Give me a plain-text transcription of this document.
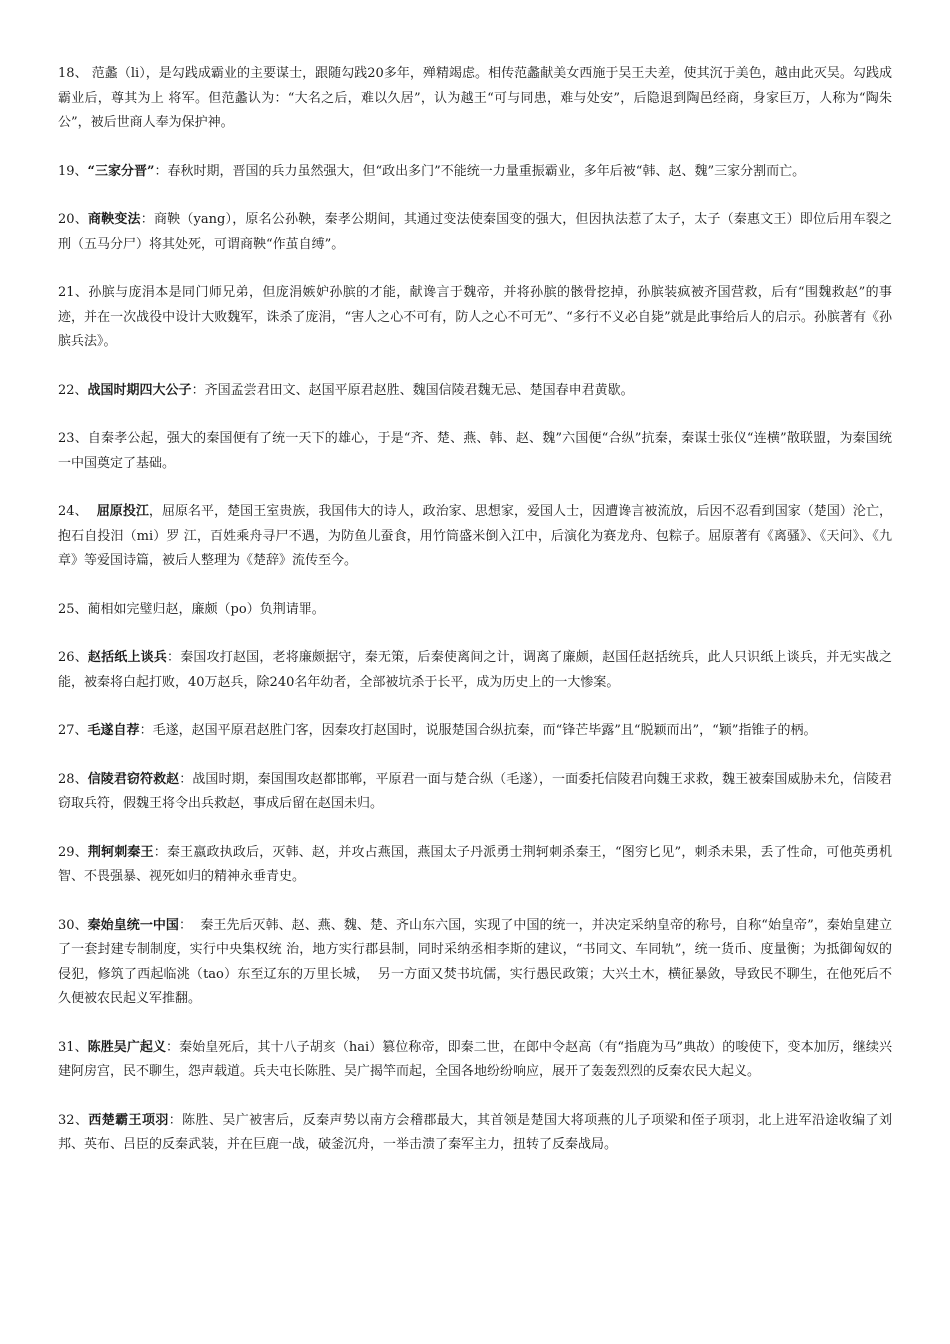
18、 范蠡（li），是勾践成霸业的主要谋士，跟随勾践20多年，殚精竭虑。相传范蠡献美女西施于吴王夫差，使其沉于美色，越由此灭吴。勾践成霸业后，尊其为上 将军。但范蠡认为：“大名之后，难以久居”，认为越王“可与同患，难与处安”，后隐退到陶邑经商，身家巨万，人称为“陶朱公”，被后世商人奉为保护神。

19、“三家分晋”：春秋时期，晋国的兵力虽然强大，但“政出多门”不能统一力量重振霸业，多年后被“韩、赵、魏”三家分割而亡。

20、商鞅变法：商鞅（yang），原名公孙鞅，秦孝公期间，其通过变法使秦国变的强大，但因执法惹了太子，太子（秦惠文王）即位后用车裂之刑（五马分尸）将其处死，可谓商鞅“作茧自缚”。

21、孙膑与庞涓本是同门师兄弟，但庞涓嫉妒孙膑的才能，献谗言于魏帝，并将孙膑的骸骨挖掉，孙膑装疯被齐国营救，后有“围魏救赵”的事迹，并在一次战役中设计大败魏军，诛杀了庞涓，“害人之心不可有，防人之心不可无”、“多行不义必自毙”就是此事给后人的启示。孙膑著有《孙膑兵法》。

22、战国时期四大公子：齐国孟尝君田文、赵国平原君赵胜、魏国信陵君魏无忌、楚国春申君黄歇。

23、自秦孝公起，强大的秦国便有了统一天下的雄心，于是“齐、楚、燕、韩、赵、魏”六国便“合纵”抗秦，秦谋士张仪“连横”散联盟，为秦国统一中国奠定了基础。

24、  屈原投江，屈原名平，楚国王室贵族，我国伟大的诗人，政治家、思想家，爱国人士，因遭谗言被流放，后因不忍看到国家（楚国）沦亡，抱石自投汨（mi）罗 江，百姓乘舟寻尸不遇，为防鱼儿蚕食，用竹筒盛米倒入江中，后演化为赛龙舟、包粽子。屈原著有《离骚》、《天问》、《九章》等爱国诗篇，被后人整理为《楚辞》流传至今。

25、蔺相如完璧归赵，廉颇（po）负荆请罪。

26、赵括纸上谈兵：秦国攻打赵国，老将廉颇据守，秦无策，后秦使离间之计，调离了廉颇，赵国任赵括统兵，此人只识纸上谈兵，并无实战之能，被秦将白起打败，40万赵兵，除240名年幼者，全部被坑杀于长平，成为历史上的一大惨案。

27、毛遂自荐：毛遂，赵国平原君赵胜门客，因秦攻打赵国时，说服楚国合纵抗秦，而“锋芒毕露”且“脱颖而出”，“颖”指锥子的柄。

28、信陵君窃符救赵：战国时期，秦国围攻赵都邯郸，平原君一面与楚合纵（毛遂），一面委托信陵君向魏王求救，魏王被秦国威胁未允，信陵君窃取兵符，假魏王将令出兵救赵，事成后留在赵国未归。

29、荆轲刺秦王：秦王嬴政执政后，灭韩、赵，并攻占燕国，燕国太子丹派勇士荆轲刺杀秦王，“图穷匕见”，刺杀未果，丢了性命，可他英勇机智、不畏强暴、视死如归的精神永垂青史。

30、秦始皇统一中国：  秦王先后灭韩、赵、燕、魏、楚、齐山东六国，实现了中国的统一，并决定采纳皇帝的称号，自称“始皇帝”，秦始皇建立了一套封建专制制度，实行中央集权统 治，地方实行郡县制，同时采纳丞相李斯的建议，“书同文、车同轨”，统一货币、度量衡；为抵御匈奴的侵犯，修筑了西起临洮（tao）东至辽东的万里长城，  另一方面又焚书坑儒，实行愚民政策；大兴土木，横征暴敛，导致民不聊生，在他死后不久便被农民起义军推翻。

31、陈胜吴广起义：秦始皇死后，其十八子胡亥（hai）篡位称帝，即秦二世，在郎中令赵高（有“指鹿为马”典故）的唆使下，变本加厉，继续兴建阿房宫，民不聊生，怨声载道。兵夫屯长陈胜、吴广揭竿而起，全国各地纷纷响应，展开了轰轰烈烈的反秦农民大起义。

32、西楚霸王项羽：陈胜、吴广被害后，反秦声势以南方会稽郡最大，其首领是楚国大将项燕的儿子项梁和侄子项羽，北上进军沿途收编了刘邦、英布、吕臣的反秦武装，并在巨鹿一战，破釜沉舟，一举击溃了秦军主力，扭转了反秦战局。
